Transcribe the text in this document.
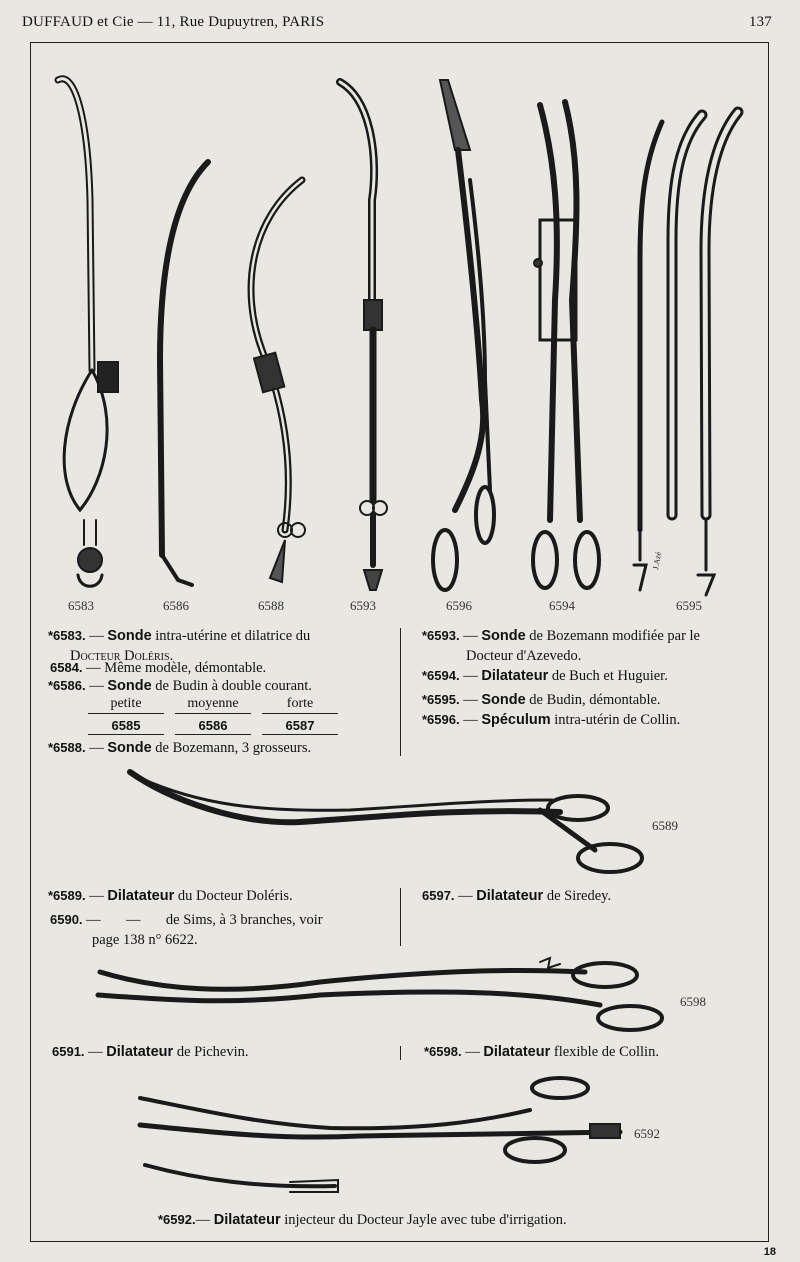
DUFFAUD et Cie — 11, Rue Dupuytren, PARIS	137
DUFFAUD
J.Azé
6583	6586	6588	6593	6596	6594	6595
6589
6598
6592
*6583. — Sonde intra-utérine et dilatrice du
Docteur Doléris.
6584. — Même modèle, démontable.
*6586. — Sonde de Budin à double courant.
petite	moyenne	forte
6585	6586	6587
*6588. — Sonde de Bozemann, 3 grosseurs.
*6593. — Sonde de Bozemann modifiée par le
Docteur d'Azevedo.
*6594. — Dilatateur de Buch et Huguier.
*6595. — Sonde de Budin, démontable.
*6596. — Spéculum intra-utérin de Collin.
*6589. — Dilatateur du Docteur Doléris.
6590. —       —       de Sims, à 3 branches, voir
page 138 n° 6622.
6597. — Dilatateur de Siredey.
6591. — Dilatateur de Pichevin.	*6598. — Dilatateur flexible de Collin.
*6592.— Dilatateur injecteur du Docteur Jayle avec tube d'irrigation.
18
